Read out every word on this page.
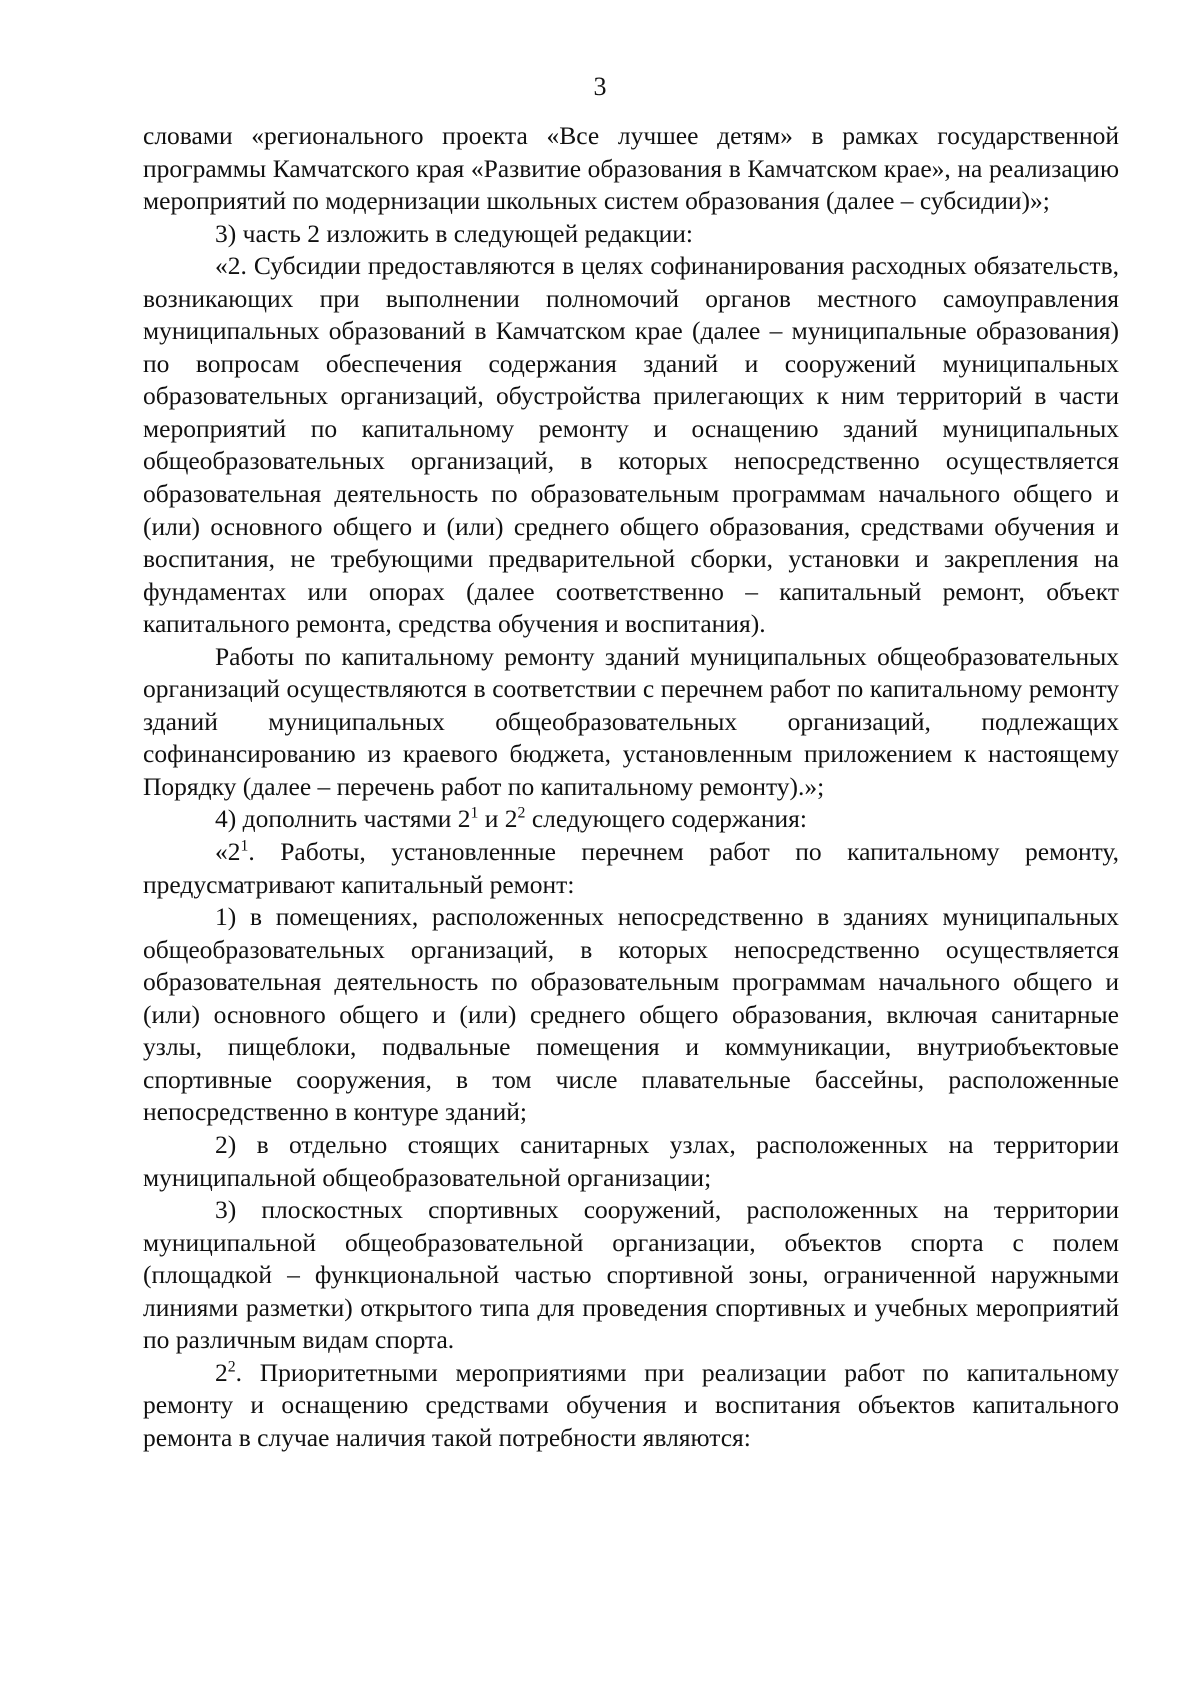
3

словами «регионального проекта «Все лучшее детям» в рамках государственной программы Камчатского края «Развитие образования в Камчатском крае», на реализацию мероприятий по модернизации школьных систем образования (далее – субсидии)»;

3) часть 2 изложить в следующей редакции:

«2. Субсидии предоставляются в целях софинанирования расходных обязательств, возникающих при выполнении полномочий органов местного самоуправления муниципальных образований в Камчатском крае (далее – муниципальные образования) по вопросам обеспечения содержания зданий и сооружений муниципальных образовательных организаций, обустройства прилегающих к ним территорий в части мероприятий по капитальному ремонту и оснащению зданий муниципальных общеобразовательных организаций, в которых непосредственно осуществляется образовательная деятельность по образовательным программам начального общего и (или) основного общего и (или) среднего общего образования, средствами обучения и воспитания, не требующими предварительной сборки, установки и закрепления на фундаментах или опорах (далее соответственно – капитальный ремонт, объект капитального ремонта, средства обучения и воспитания).

Работы по капитальному ремонту зданий муниципальных общеобразовательных организаций осуществляются в соответствии с перечнем работ по капитальному ремонту зданий муниципальных общеобразовательных организаций, подлежащих софинансированию из краевого бюджета, установленным приложением к настоящему Порядку (далее – перечень работ по капитальному ремонту).»;

4) дополнить частями $2^1$ и $2^2$ следующего содержания:

«$2^1$. Работы, установленные перечнем работ по капитальному ремонту, предусматривают капитальный ремонт:

1) в помещениях, расположенных непосредственно в зданиях муниципальных общеобразовательных организаций, в которых непосредственно осуществляется образовательная деятельность по образовательным программам начального общего и (или) основного общего и (или) среднего общего образования, включая санитарные узлы, пищеблоки, подвальные помещения и коммуникации, внутриобъектовые спортивные сооружения, в том числе плавательные бассейны, расположенные непосредственно в контуре зданий;

2) в отдельно стоящих санитарных узлах, расположенных на территории муниципальной общеобразовательной организации;

3) плоскостных спортивных сооружений, расположенных на территории муниципальной общеобразовательной организации, объектов спорта с полем (площадкой – функциональной частью спортивной зоны, ограниченной наружными линиями разметки) открытого типа для проведения спортивных и учебных мероприятий по различным видам спорта.

$2^2$. Приоритетными мероприятиями при реализации работ по капитальному ремонту и оснащению средствами обучения и воспитания объектов капитального ремонта в случае наличия такой потребности являются:
